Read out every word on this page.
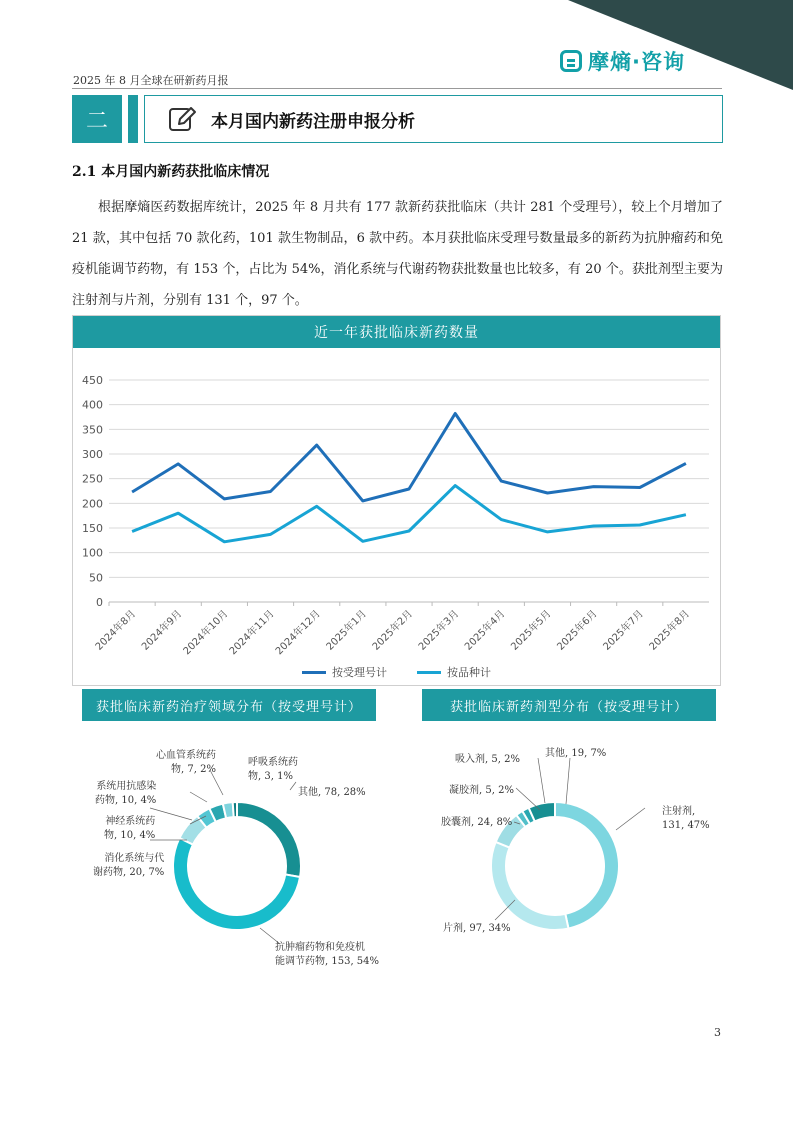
摩熵·咨询
2025 年 8 月全球在研新药月报
二	本月国内新药注册申报分析
2.1 本月国内新药获批临床情况
根据摩熵医药数据库统计，2025 年 8 月共有 177 款新药获批临床（共计 281 个受理号），较上个月增加了 21 款，其中包括 70 款化药，101 款生物制品，6 款中药。本月获批临床受理号数量最多的新药为抗肿瘤药和免疫机能调节药物，有 153 个，占比为 54%，消化系统与代谢药物获批数量也比较多，有 20 个。获批剂型主要为注射剂与片剂，分别有 131 个，97 个。
近一年获批临床新药数量
0
50
100
150
200
250
300
350
400
450
2024年8月 2024年9月
2024年10月
2024年11月
2024年12月 2025年1月 2025年2月 2025年3月 2025年4月 2025年5月 2025年6月 2025年7月 2025年8月
按受理号计	按品种计
获批临床新药治疗领域分布（按受理号计）
其他, 78, 28%
抗肿瘤药物和免疫机
能调节药物, 153, 54%
消化系统与代
谢药物, 20, 7%
神经系统药
物, 10, 4%
系统用抗感染
药物, 10, 4%
心血管系统药
物, 7, 2%
呼吸系统药
物, 3, 1%
获批临床新药剂型分布（按受理号计）
吸入剂, 5, 2%
其他, 19, 7%
凝胶剂, 5, 2%
注射剂,
131, 47%
胶囊剂, 24, 8%
片剂, 97, 34%
3
